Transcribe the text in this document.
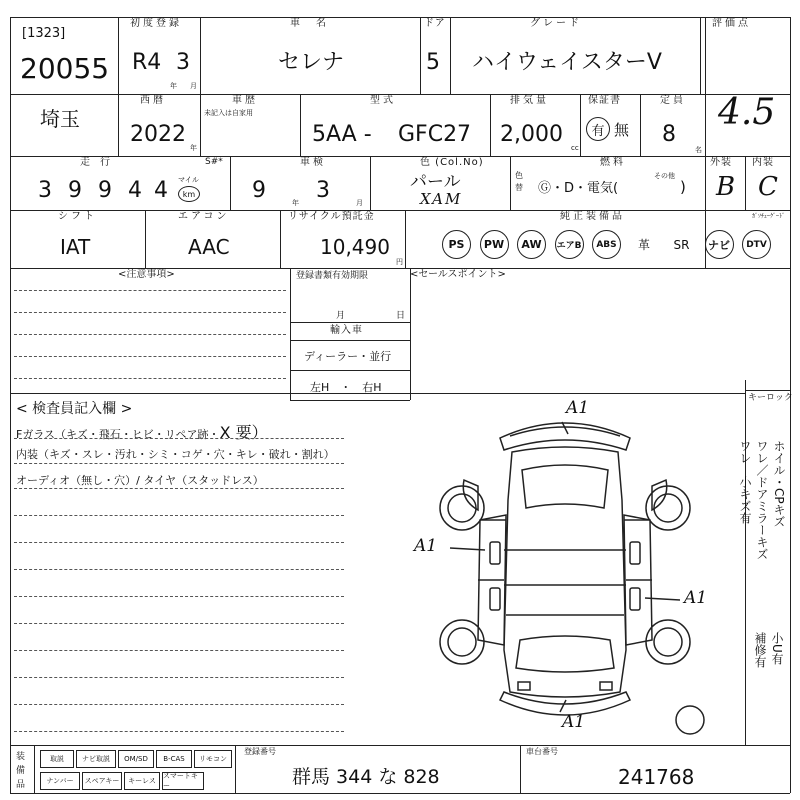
[1323]
20055
初度登録
R4 3
年 月
車　名
セレナ
ドア
5
グレード
ハイウェイスターV
評価点
4.5
埼玉
西暦
2022
年
車歴
未記入は自家用
型式
5AA - GFC27
排気量
2,000
cc
保証書
有 無
定員
8
名
走行
3 9 9 4 4 マイル
km
S#*	車検
9 3
年	月
色 (Col.No)
パール
XAM
色替
燃料
Ⓖ・D・電気(
その他
)
外装
B
内装
C
シフト
IAT
エアコン
AAC
リサイクル預託金
10,490
円
純正装備品	ｶﾞｿﾁｭｰｸﾞｰﾄﾞ
PS	PW	AW	エアB	ABS	革	SR	ナビ	DTV
<注意事項>	登録書類有効期限
月	日
輸入車
ディーラー・並行
左H　・　右H
<セールスポイント>
キーロック
< 検査員記入欄 >
Fガラス（キズ・飛石・ヒビ・リペア跡・X 要）
内装（キズ・スレ・汚れ・シミ・コゲ・穴・キレ・破れ・割れ）
オーディオ（無し・穴）/ タイヤ（スタッドレス）
A1
A1
A1
A1
ホイル・CPキズ
ワレ／ドアミラーキズ
ワレ　小キズ有
小U有
補修有
装備品
取説	ナビ取説	OM/SD	B-CAS	リモコン
ナンバー	スペアキー	キーレス
スマートキー
登録番号
群馬 344 な 828
車台番号
241768
